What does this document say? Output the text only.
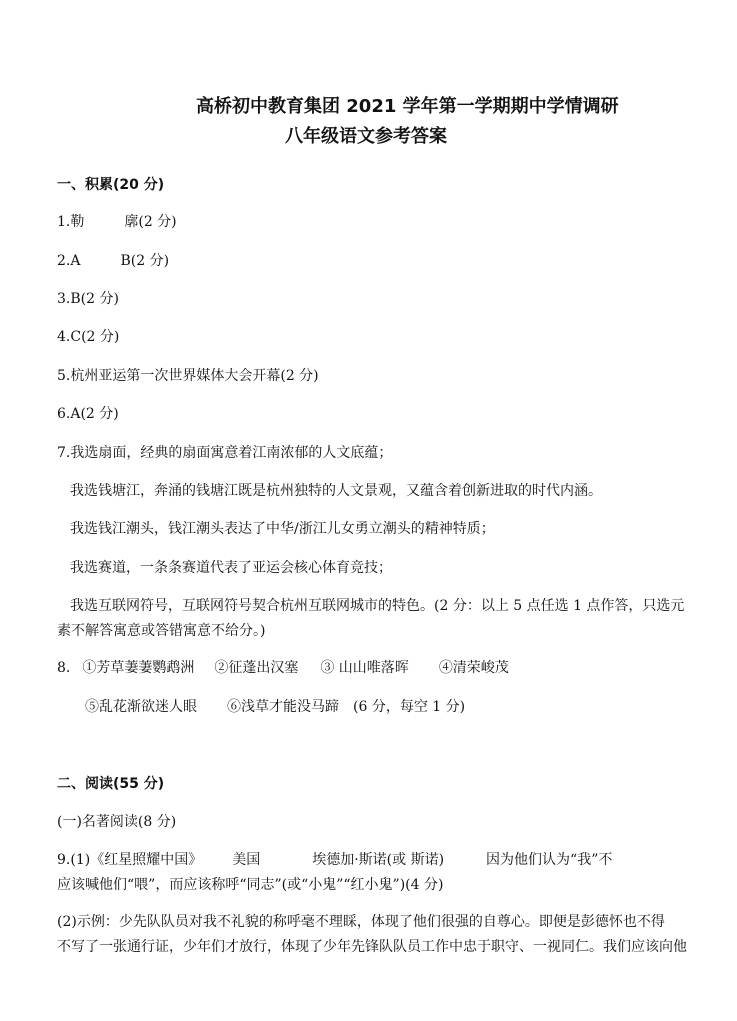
高桥初中教育集团 2021 学年第一学期期中学情调研
八年级语文参考答案
一、积累(20 分)
1.勒	廓(2 分)
2.A	B(2 分)
3.B(2 分)
4.C(2 分)
5.杭州亚运第一次世界媒体大会开幕(2 分)
6.A(2 分)
7.我选扇面，经典的扇面寓意着江南浓郁的人文底蕴；
我选钱塘江，奔涌的钱塘江既是杭州独特的人文景观，又蕴含着创新进取的时代内涵。
我选钱江潮头，钱江潮头表达了中华/浙江儿女勇立潮头的精神特质；
我选赛道，一条条赛道代表了亚运会核心体育竞技；
我选互联网符号，互联网符号契合杭州互联网城市的特色。(2 分：以上 5 点任选 1 点作答，只选元
素不解答寓意或答错寓意不给分。)
8. ①芳草萋萋鹦鹉洲 ②征蓬出汉塞 ③ 山山唯落晖 ④清荣峻茂
⑤乱花渐欲迷人眼 ⑥浅草才能没马蹄 (6 分，每空 1 分)
二、阅读(55 分)
(一)名著阅读(8 分)
9.(1)《红星照耀中国》 美国	埃德加·斯诺(或 斯诺)	因为他们认为“我”不
应该喊他们“喂”，而应该称呼“同志”(或“小鬼”“红小鬼”)(4 分)
(2)示例：少先队队员对我不礼貌的称呼毫不理睬，体现了他们很强的自尊心。即便是彭德怀也不得
不写了一张通行证，少年们才放行，体现了少年先锋队队员工作中忠于职守、一视同仁。我们应该向他
